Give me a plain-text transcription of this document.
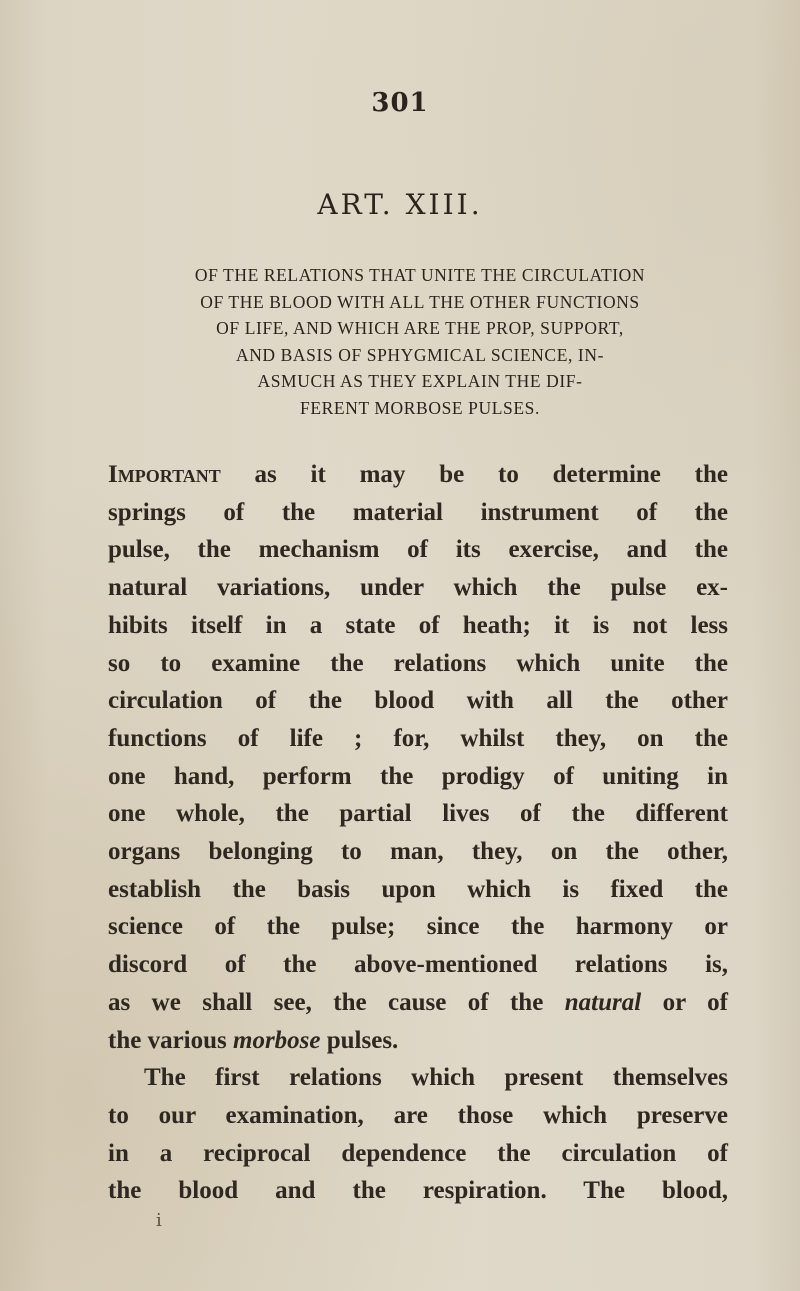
301
ART. XIII.
OF THE RELATIONS THAT UNITE THE CIRCULATION
OF THE BLOOD WITH ALL THE OTHER FUNCTIONS
OF LIFE, AND WHICH ARE THE PROP, SUPPORT,
AND BASIS OF SPHYGMICAL SCIENCE, IN-
ASMUCH AS THEY EXPLAIN THE DIF-
FERENT MORBOSE PULSES.
Important as it may be to determine the
springs of the material instrument of the
pulse, the mechanism of its exercise, and the
natural variations, under which the pulse ex-
hibits itself in a state of heath; it is not less
so to examine the relations which unite the
circulation of the blood with all the other
functions of life ; for, whilst they, on the
one hand, perform the prodigy of uniting in
one whole, the partial lives of the different
organs belonging to man, they, on the other,
establish the basis upon which is fixed the
science of the pulse; since the harmony or
discord of the above-mentioned relations is,
as we shall see, the cause of the natural or of
the various morbose pulses.
The first relations which present themselves
to our examination, are those which preserve
in a reciprocal dependence the circulation of
the blood and the respiration. The blood,
i
